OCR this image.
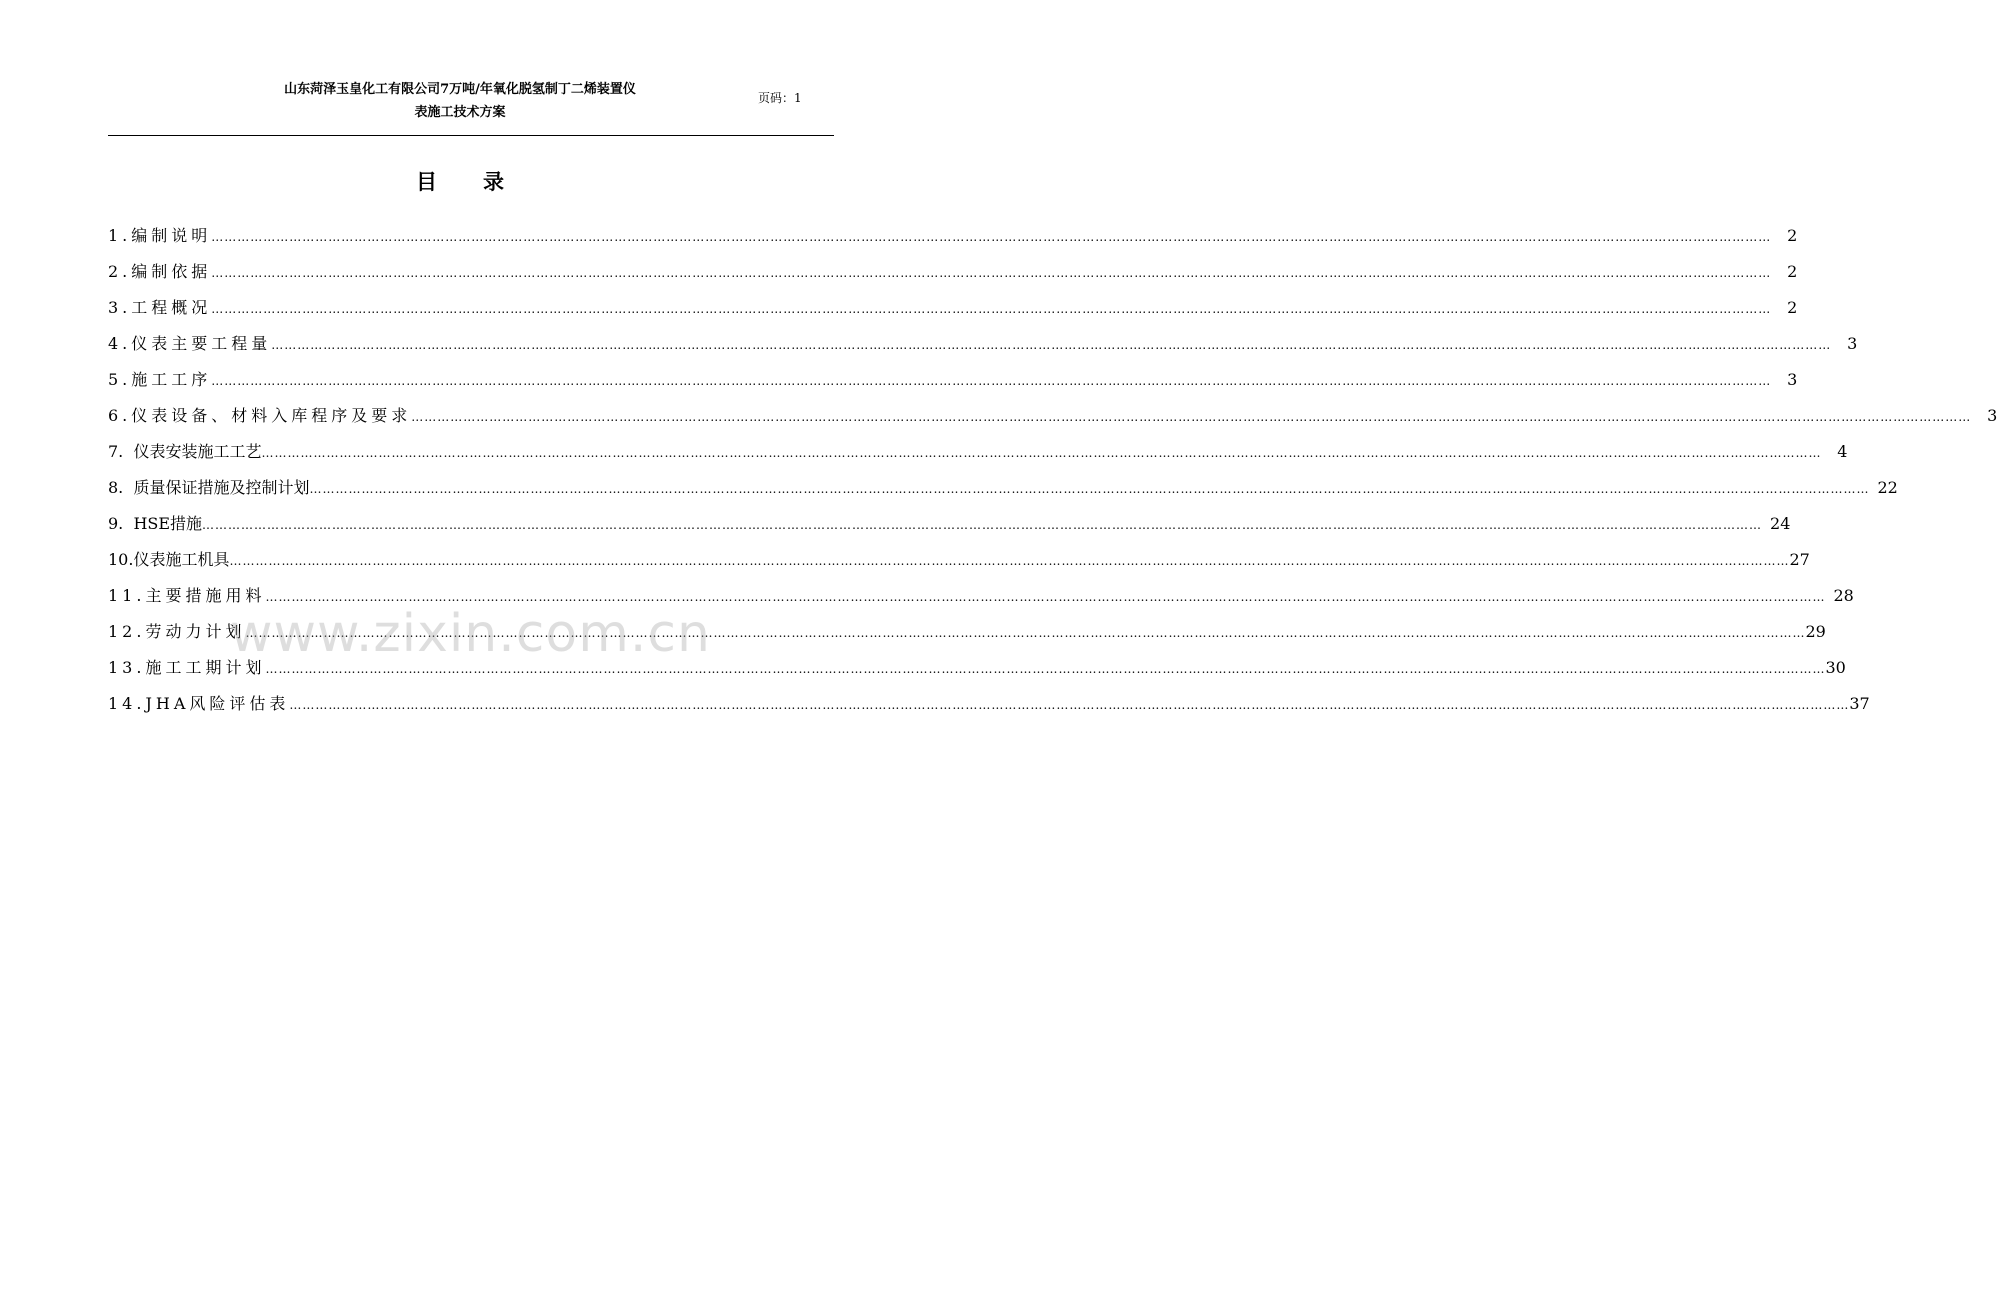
山东菏泽玉皇化工有限公司7万吨/年氧化脱氢制丁二烯装置仪
表施工技术方案
页码：1
目录
1.编制说明 ……………………………………………………………………………………………………………………………………………………………………………………………………………………………………………………………………………………………………………………………… 2
2.编制依据 ……………………………………………………………………………………………………………………………………………………………………………………………………………………………………………………………………………………………………………………………… 2
3.工程概况 ……………………………………………………………………………………………………………………………………………………………………………………………………………………………………………………………………………………………………………………………… 2
4.仪表主要工程量 ……………………………………………………………………………………………………………………………………………………………………………………………………………………………………………………………………………………………………………………………… 3
5.施工工序 ……………………………………………………………………………………………………………………………………………………………………………………………………………………………………………………………………………………………………………………………… 3
6.仪表设备、材料入库程序及要求 ……………………………………………………………………………………………………………………………………………………………………………………………………………………………………………………………………………………………………………………………… 3
7.  仪表安装施工工艺 ……………………………………………………………………………………………………………………………………………………………………………………………………………………………………………………………………………………………………………………………… 4
8.  质量保证措施及控制计划 ……………………………………………………………………………………………………………………………………………………………………………………………………………………………………………………………………………………………………………………………… 22
9.  HSE措施 ……………………………………………………………………………………………………………………………………………………………………………………………………………………………………………………………………………………………………………………………… 24
10.仪表施工机具 ……………………………………………………………………………………………………………………………………………………………………………………………………………………………………………………………………………………………………………………………… 27
11.主要措施用料 ……………………………………………………………………………………………………………………………………………………………………………………………………………………………………………………………………………………………………………………………… 28
12.劳动力计划 ……………………………………………………………………………………………………………………………………………………………………………………………………………………………………………………………………………………………………………………………… 29
13.施工工期计划 ……………………………………………………………………………………………………………………………………………………………………………………………………………………………………………………………………………………………………………………………… 30
14.JHA风险评估表 ……………………………………………………………………………………………………………………………………………………………………………………………………………………………………………………………………………………………………………………………… 37
www.zixin.com.cn
